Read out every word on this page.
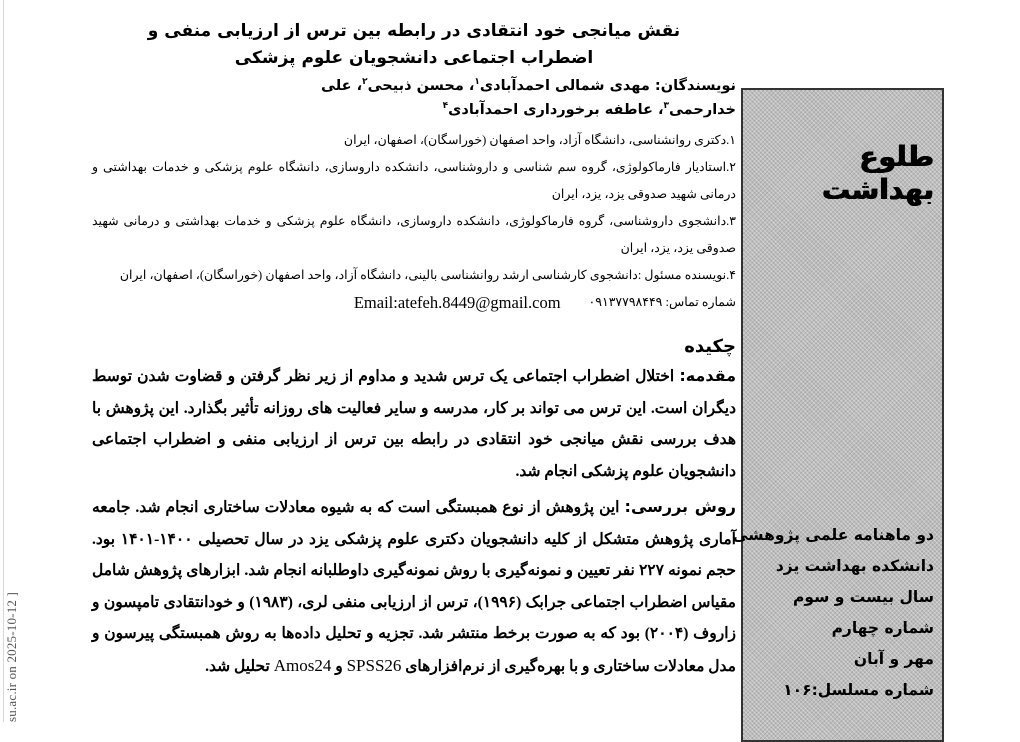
su.ac.ir on 2025-10-12 ]
نقش میانجی خود انتقادی در رابطه بین ترس از ارزیابی منفی و اضطراب اجتماعی دانشجویان علوم پزشکی

نویسندگان: مهدی شمالی احمدآبادی$^۱$، محسن ذبیحی$^۲$، علی خدارحمی$^۳$، عاطفه برخورداری احمدآبادی$^۴$

۱.دکتری روانشناسی، دانشگاه آزاد، واحد اصفهان (خوراسگان)، اصفهان، ایران

۲.استادیار فارماکولوژی، گروه سم شناسی و داروشناسی، دانشکده داروسازی، دانشگاه علوم پزشکی و خدمات بهداشتی و درمانی شهید صدوقی یزد، یزد، ایران

۳.دانشجوی داروشناسی، گروه فارماکولوژی، دانشکده داروسازی، دانشگاه علوم پزشکی و خدمات بهداشتی و درمانی شهید صدوقی یزد، یزد، ایران

۴.نویسنده مسئول :دانشجوی کارشناسی ارشد روانشناسی بالینی، دانشگاه آزاد، واحد اصفهان (خوراسگان)، اصفهان، ایران

شماره تماس: ۰۹۱۳۷۷۹۸۴۴۹
Email:atefeh.8449@gmail.com
چکیده

مقدمه: اختلال اضطراب اجتماعی یک ترس شدید و مداوم از زیر نظر گرفتن و قضاوت شدن توسط دیگران است. این ترس می تواند بر کار، مدرسه و سایر فعالیت های روزانه تأثیر بگذارد. این پژوهش با هدف بررسی نقش میانجی خود انتقادی در رابطه بین ترس از ارزیابی منفی و اضطراب اجتماعی دانشجویان علوم پزشکی انجام شد.

روش بررسی: این پژوهش از نوع همبستگی است که به شیوه معادلات ساختاری انجام شد. جامعه آماری پژوهش متشکل از کلیه دانشجویان دکتری علوم پزشکی یزد در سال تحصیلی ۱۴۰۰-۱۴۰۱ بود. حجم نمونه ۲۲۷ نفر تعیین و نمونه‌گیری با روش نمونه‌گیری داوطلبانه انجام شد. ابزارهای پژوهش شامل مقیاس اضطراب اجتماعی جرابک (۱۹۹۶)، ترس از ارزیابی منفی لری، (۱۹۸۳) و خودانتقادی تامپسون و زاروف (۲۰۰۴) بود که به صورت برخط منتشر شد. تجزیه و تحلیل داده‌ها به روش همبستگی پیرسون و مدل معادلات ساختاری و با بهره‌گیری از نرم‌افزارهای SPSS26 و Amos24 تحلیل شد.

طلوع بهداشت
دو ماهنامه علمی پژوهشی
دانشکده بهداشت یزد
سال بیست و سوم
شماره چهارم
مهر و آبان
شماره مسلسل:۱۰۶
